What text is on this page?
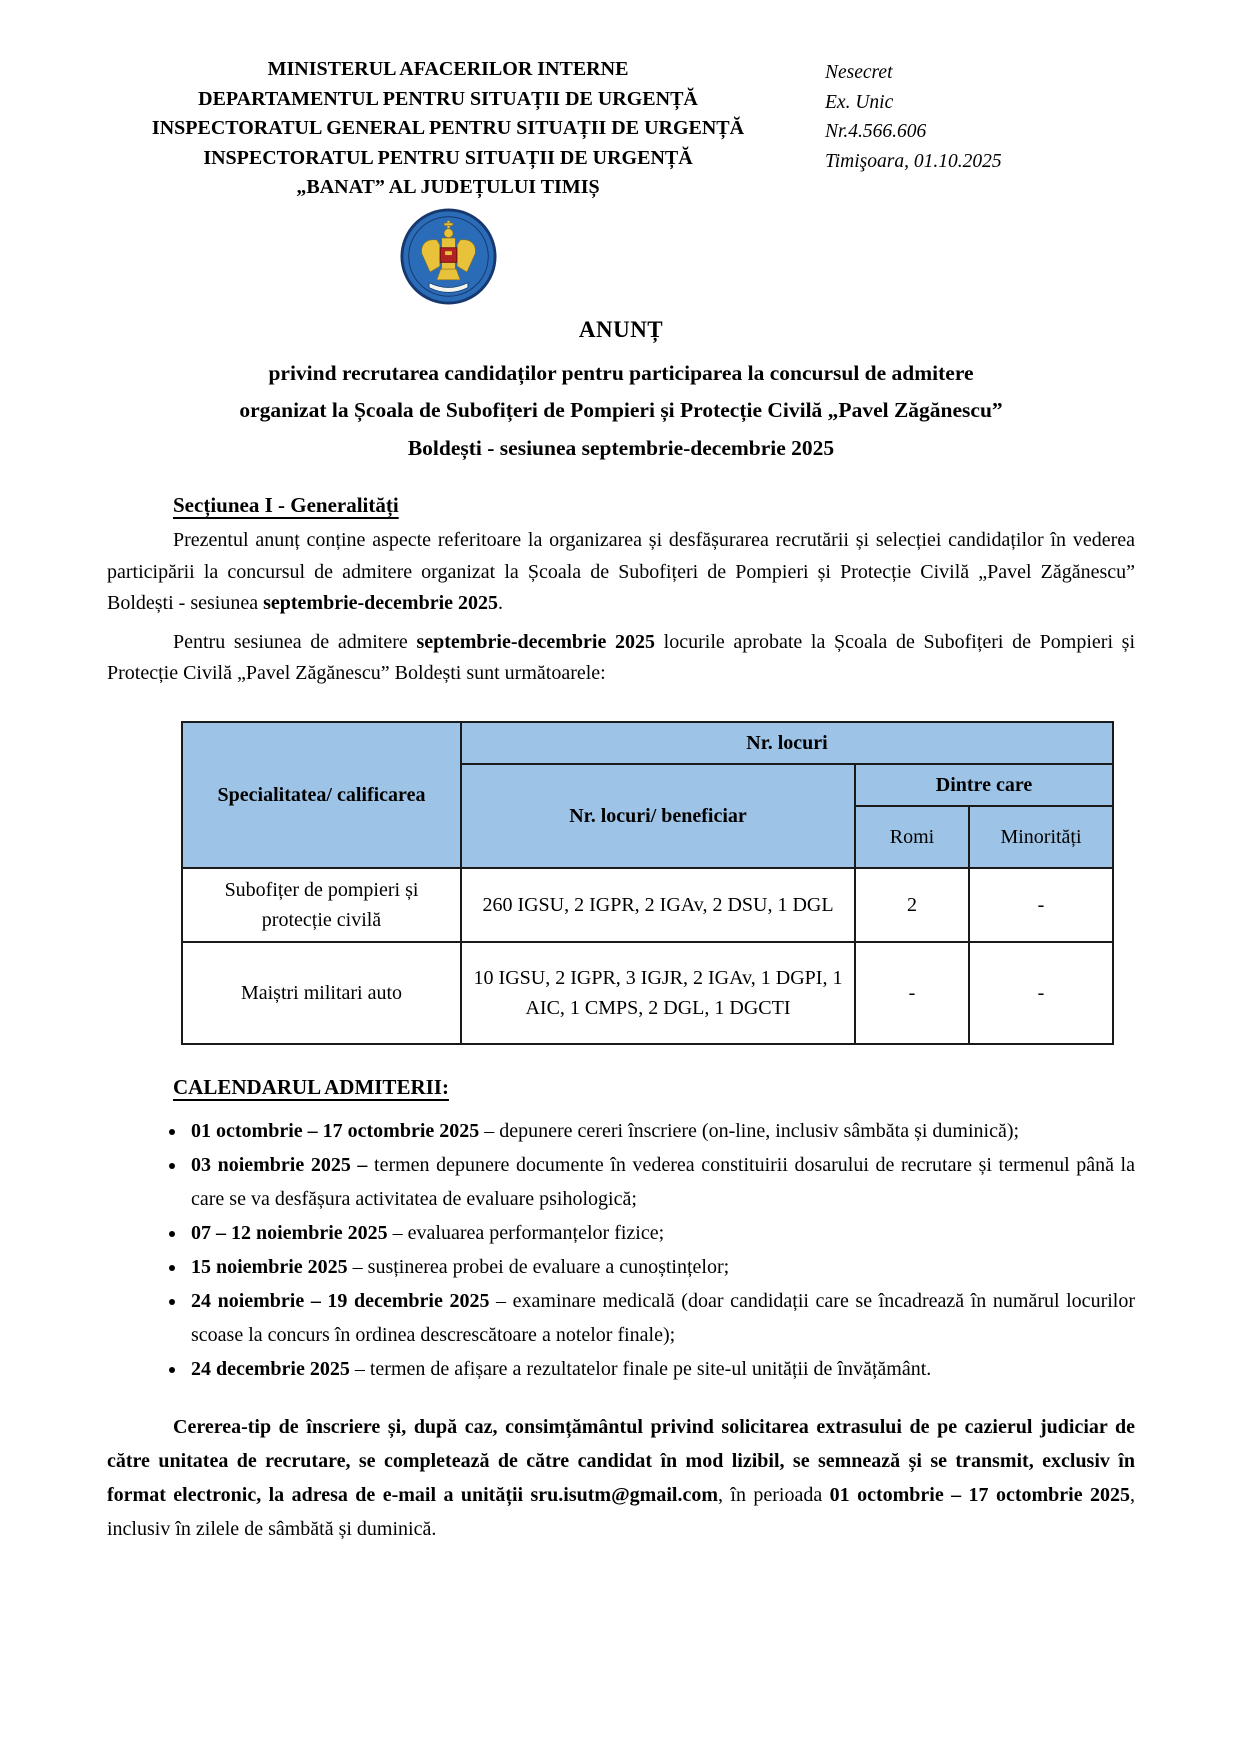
MINISTERUL AFACERILOR INTERNE
DEPARTAMENTUL PENTRU SITUAȚII DE URGENȚĂ
INSPECTORATUL GENERAL PENTRU SITUAȚII DE URGENȚĂ
INSPECTORATUL PENTRU SITUAȚII DE URGENȚĂ
„BANAT” AL JUDEȚULUI TIMIȘ
Nesecret
Ex. Unic
Nr.4.566.606
Timişoara, 01.10.2025
ANUNȚ
privind recrutarea candidaților pentru participarea la concursul de admitere
organizat la Școala de Subofițeri de Pompieri și Protecție Civilă „Pavel Zăgănescu”
Boldești - sesiunea septembrie-decembrie 2025
Secțiunea I - Generalități

Prezentul anunț conține aspecte referitoare la organizarea și desfășurarea recrutării și selecției candidaților în vederea participării la concursul de admitere organizat la Școala de Subofițeri de Pompieri și Protecție Civilă „Pavel Zăgănescu” Boldești - sesiunea septembrie-decembrie 2025.

Pentru sesiunea de admitere septembrie-decembrie 2025 locurile aprobate la Școala de Subofițeri de Pompieri și Protecție Civilă „Pavel Zăgănescu” Boldești sunt următoarele:

Specialitatea/ calificarea	Nr. locuri		
	Nr. locuri/ beneficiar	Dintre care	
		Romi	Minorități
Subofițer de pompieri și protecție civilă	260 IGSU, 2 IGPR, 2 IGAv, 2 DSU, 1 DGL	2	-
Maiștri militari auto	10 IGSU, 2 IGPR, 3 IGJR, 2 IGAv, 1 DGPI, 1 AIC, 1 CMPS, 2 DGL, 1 DGCTI	-	-
CALENDARUL ADMITERII:
• 01 octombrie – 17 octombrie 2025 – depunere cereri înscriere (on-line, inclusiv sâmbăta și duminică);
• 03 noiembrie 2025 – termen depunere documente în vederea constituirii dosarului de recrutare și termenul până la care se va desfășura activitatea de evaluare psihologică;
• 07 – 12 noiembrie 2025 – evaluarea performanțelor fizice;
• 15 noiembrie 2025 – susținerea probei de evaluare a cunoștințelor;
• 24 noiembrie – 19 decembrie 2025 – examinare medicală (doar candidații care se încadrează în numărul locurilor scoase la concurs în ordinea descrescătoare a notelor finale);
• 24 decembrie 2025 – termen de afișare a rezultatelor finale pe site-ul unității de învățământ.

Cererea-tip de înscriere și, după caz, consimțământul privind solicitarea extrasului de pe cazierul judiciar de către unitatea de recrutare, se completează de către candidat în mod lizibil, se semnează și se transmit, exclusiv în format electronic, la adresa de e-mail a unității sru.isutm@gmail.com, în perioada 01 octombrie – 17 octombrie 2025, inclusiv în zilele de sâmbătă și duminică.
